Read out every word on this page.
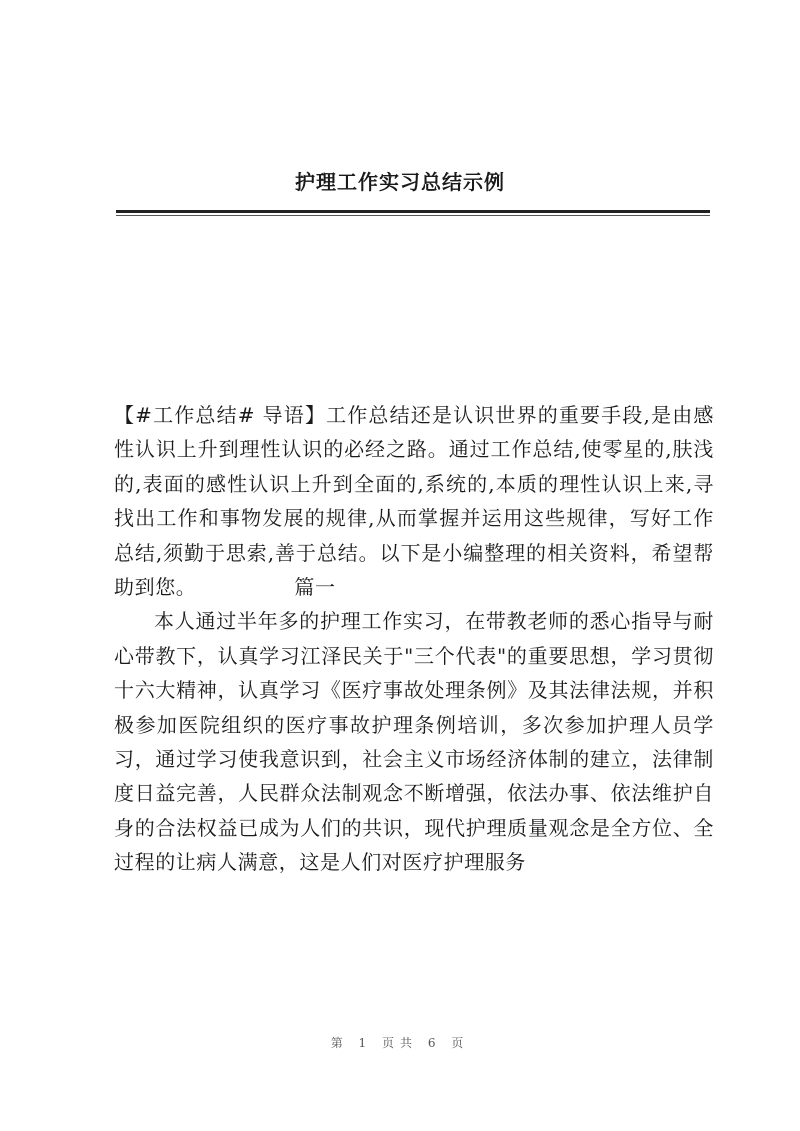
护理工作实习总结示例

【#工作总结# 导语】工作总结还是认识世界的重要手段,是由感性认识上升到理性认识的必经之路。通过工作总结,使零星的,肤浅的,表面的感性认识上升到全面的,系统的,本质的理性认识上来,寻找出工作和事物发展的规律,从而掌握并运用这些规律，写好工作总结,须勤于思索,善于总结。以下是小编整理的相关资料，希望帮助到您。	篇一

本人通过半年多的护理工作实习，在带教老师的悉心指导与耐心带教下，认真学习江泽民关于"三个代表"的重要思想，学习贯彻十六大精神，认真学习《医疗事故处理条例》及其法律法规，并积极参加医院组织的医疗事故护理条例培训，多次参加护理人员学习，通过学习使我意识到，社会主义市场经济体制的建立，法律制度日益完善，人民群众法制观念不断增强，依法办事、依法维护自身的合法权益已成为人们的共识，现代护理质量观念是全方位、全过程的让病人满意，这是人们对医疗护理服务

第 1 页共 6 页
